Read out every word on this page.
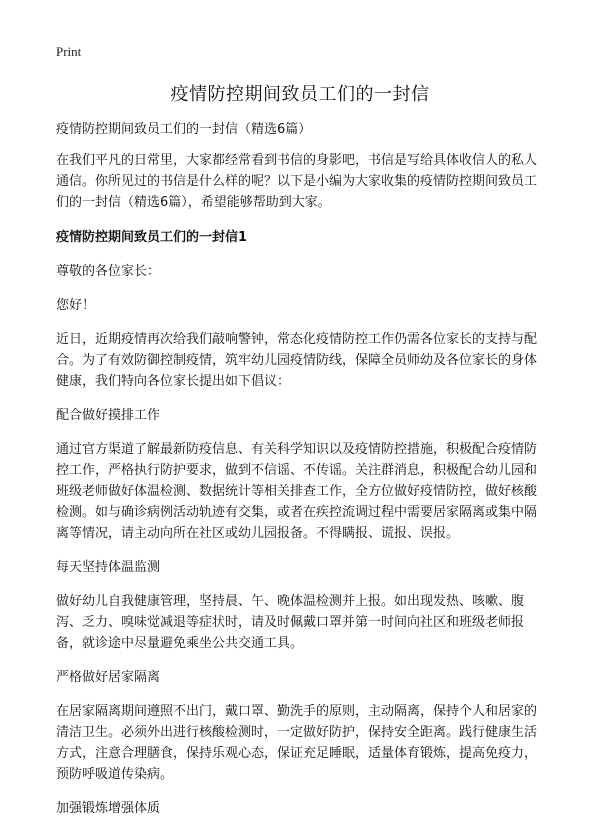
Print
疫情防控期间致员工们的一封信

疫情防控期间致员工们的一封信（精选6篇）

在我们平凡的日常里，大家都经常看到书信的身影吧，书信是写给具体收信人的私人通信。你所见过的书信是什么样的呢？以下是小编为大家收集的疫情防控期间致员工们的一封信（精选6篇），希望能够帮助到大家。

疫情防控期间致员工们的一封信1

尊敬的各位家长：

您好！

近日，近期疫情再次给我们敲响警钟，常态化疫情防控工作仍需各位家长的支持与配合。为了有效防御控制疫情，筑牢幼儿园疫情防线，保障全员师幼及各位家长的身体健康，我们特向各位家长提出如下倡议：

配合做好摸排工作

通过官方渠道了解最新防疫信息、有关科学知识以及疫情防控措施，积极配合疫情防控工作，严格执行防护要求，做到不信谣、不传谣。关注群消息，积极配合幼儿园和班级老师做好体温检测、数据统计等相关排查工作，全方位做好疫情防控，做好核酸检测。如与确诊病例活动轨迹有交集，或者在疾控流调过程中需要居家隔离或集中隔离等情况，请主动向所在社区或幼儿园报备。不得瞒报、谎报、误报。

每天坚持体温监测

做好幼儿自我健康管理，坚持晨、午、晚体温检测并上报。如出现发热、咳嗽、腹泻、乏力、嗅味觉减退等症状时，请及时佩戴口罩并第一时间向社区和班级老师报备，就诊途中尽量避免乘坐公共交通工具。

严格做好居家隔离

在居家隔离期间遵照不出门，戴口罩、勤洗手的原则，主动隔离，保持个人和居家的清洁卫生。必须外出进行核酸检测时，一定做好防护，保持安全距离。践行健康生活方式，注意合理膳食，保持乐观心态，保证充足睡眠，适量体育锻炼，提高免疫力，预防呼吸道传染病。

加强锻炼增强体质
